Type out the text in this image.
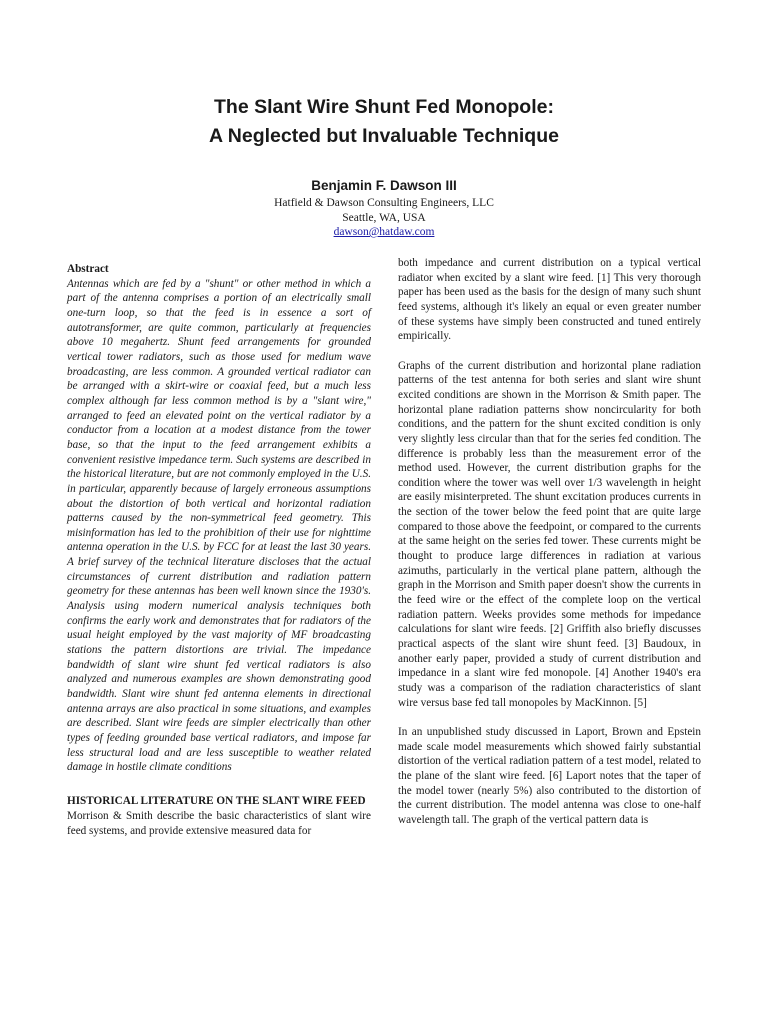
The Slant Wire Shunt Fed Monopole:
A Neglected but Invaluable Technique
Benjamin F. Dawson III
Hatfield & Dawson Consulting Engineers, LLC
Seattle, WA, USA
dawson@hatdaw.com

Abstract

Antennas which are fed by a "shunt" or other method in which a part of the antenna comprises a portion of an electrically small one-turn loop, so that the feed is in essence a sort of autotransformer, are quite common, particularly at frequencies above 10 megahertz. Shunt feed arrangements for grounded vertical tower radiators, such as those used for medium wave broadcasting, are less common. A grounded vertical radiator can be arranged with a skirt-wire or coaxial feed, but a much less complex although far less common method is by a "slant wire," arranged to feed an elevated point on the vertical radiator by a conductor from a location at a modest distance from the tower base, so that the input to the feed arrangement exhibits a convenient resistive impedance term. Such systems are described in the historical literature, but are not commonly employed in the U.S. in particular, apparently because of largely erroneous assumptions about the distortion of both vertical and horizontal radiation patterns caused by the non-symmetrical feed geometry. This misinformation has led to the prohibition of their use for nighttime antenna operation in the U.S. by FCC for at least the last 30 years. A brief survey of the technical literature discloses that the actual circumstances of current distribution and radiation pattern geometry for these antennas has been well known since the 1930's. Analysis using modern numerical analysis techniques both confirms the early work and demonstrates that for radiators of the usual height employed by the vast majority of MF broadcasting stations the pattern distortions are trivial. The impedance bandwidth of slant wire shunt fed vertical radiators is also analyzed and numerous examples are shown demonstrating good bandwidth. Slant wire shunt fed antenna elements in directional antenna arrays are also practical in some situations, and examples are described. Slant wire feeds are simpler electrically than other types of feeding grounded base vertical radiators, and impose far less structural load and are less susceptible to weather related damage in hostile climate conditions

HISTORICAL LITERATURE ON THE SLANT WIRE FEED

Morrison & Smith describe the basic characteristics of slant wire feed systems, and provide extensive measured data for

both impedance and current distribution on a typical vertical radiator when excited by a slant wire feed. [1] This very thorough paper has been used as the basis for the design of many such shunt feed systems, although it's likely an equal or even greater number of these systems have simply been constructed and tuned entirely empirically.

Graphs of the current distribution and horizontal plane radiation patterns of the test antenna for both series and slant wire shunt excited conditions are shown in the Morrison & Smith paper. The horizontal plane radiation patterns show noncircularity for both conditions, and the pattern for the shunt excited condition is only very slightly less circular than that for the series fed condition. The difference is probably less than the measurement error of the method used. However, the current distribution graphs for the condition where the tower was well over 1/3 wavelength in height are easily misinterpreted. The shunt excitation produces currents in the section of the tower below the feed point that are quite large compared to those above the feedpoint, or compared to the currents at the same height on the series fed tower. These currents might be thought to produce large differences in radiation at various azimuths, particularly in the vertical plane pattern, although the graph in the Morrison and Smith paper doesn't show the currents in the feed wire or the effect of the complete loop on the vertical radiation pattern. Weeks provides some methods for impedance calculations for slant wire feeds. [2] Griffith also briefly discusses practical aspects of the slant wire shunt feed. [3] Baudoux, in another early paper, provided a study of current distribution and impedance in a slant wire fed monopole. [4] Another 1940's era study was a comparison of the radiation characteristics of slant wire versus base fed tall monopoles by MacKinnon. [5]

In an unpublished study discussed in Laport, Brown and Epstein made scale model measurements which showed fairly substantial distortion of the vertical radiation pattern of a test model, related to the plane of the slant wire feed. [6] Laport notes that the taper of the model tower (nearly 5%) also contributed to the distortion of the current distribution. The model antenna was close to one-half wavelength tall. The graph of the vertical pattern data is
